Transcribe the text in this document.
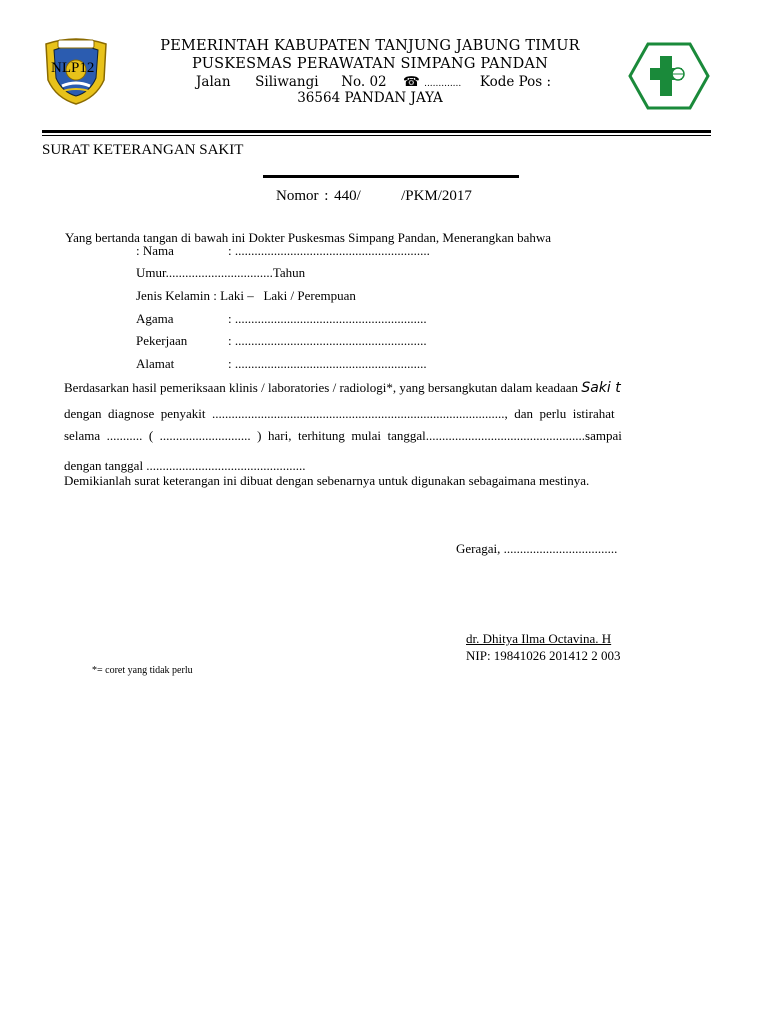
NLP12
PEMERINTAH KABUPATEN TANJUNG JABUNG TIMUR
PUSKESMAS PERAWATAN SIMPANG PANDAN
Jalan Siliwangi No. 02 ☎ ............. Kode Pos :
36564 PANDAN JAYA
SURAT KETERANGAN SAKIT
Nomor : 440/       /PKM/2017
Yang bertanda tangan di bawah ini Dokter Puskesmas Simpang Pandan, Menerangkan bahwa
: Nama	: ............................................................
Umur.................................Tahun
Jenis Kelamin : Laki –   Laki / Perempuan
Agama	: ...........................................................
Pekerjaan	: ...........................................................
Alamat	: ...........................................................
Berdasarkan hasil pemeriksaan klinis / laboratories / radiologi*, yang bersangkutan dalam keadaan Saki t
dengan  diagnose  penyakit  ..........................................................................................,  dan  perlu  istirahat
selama  ...........  (  ............................  )  hari,  terhitung  mulai  tanggal.................................................sampai
dengan tanggal .................................................
Demikianlah surat keterangan ini dibuat dengan sebenarnya untuk digunakan sebagaimana mestinya.
Geragai, ...................................
dr. Dhitya Ilma Octavina. H
NIP: 19841026 201412 2 003
*= coret yang tidak perlu
